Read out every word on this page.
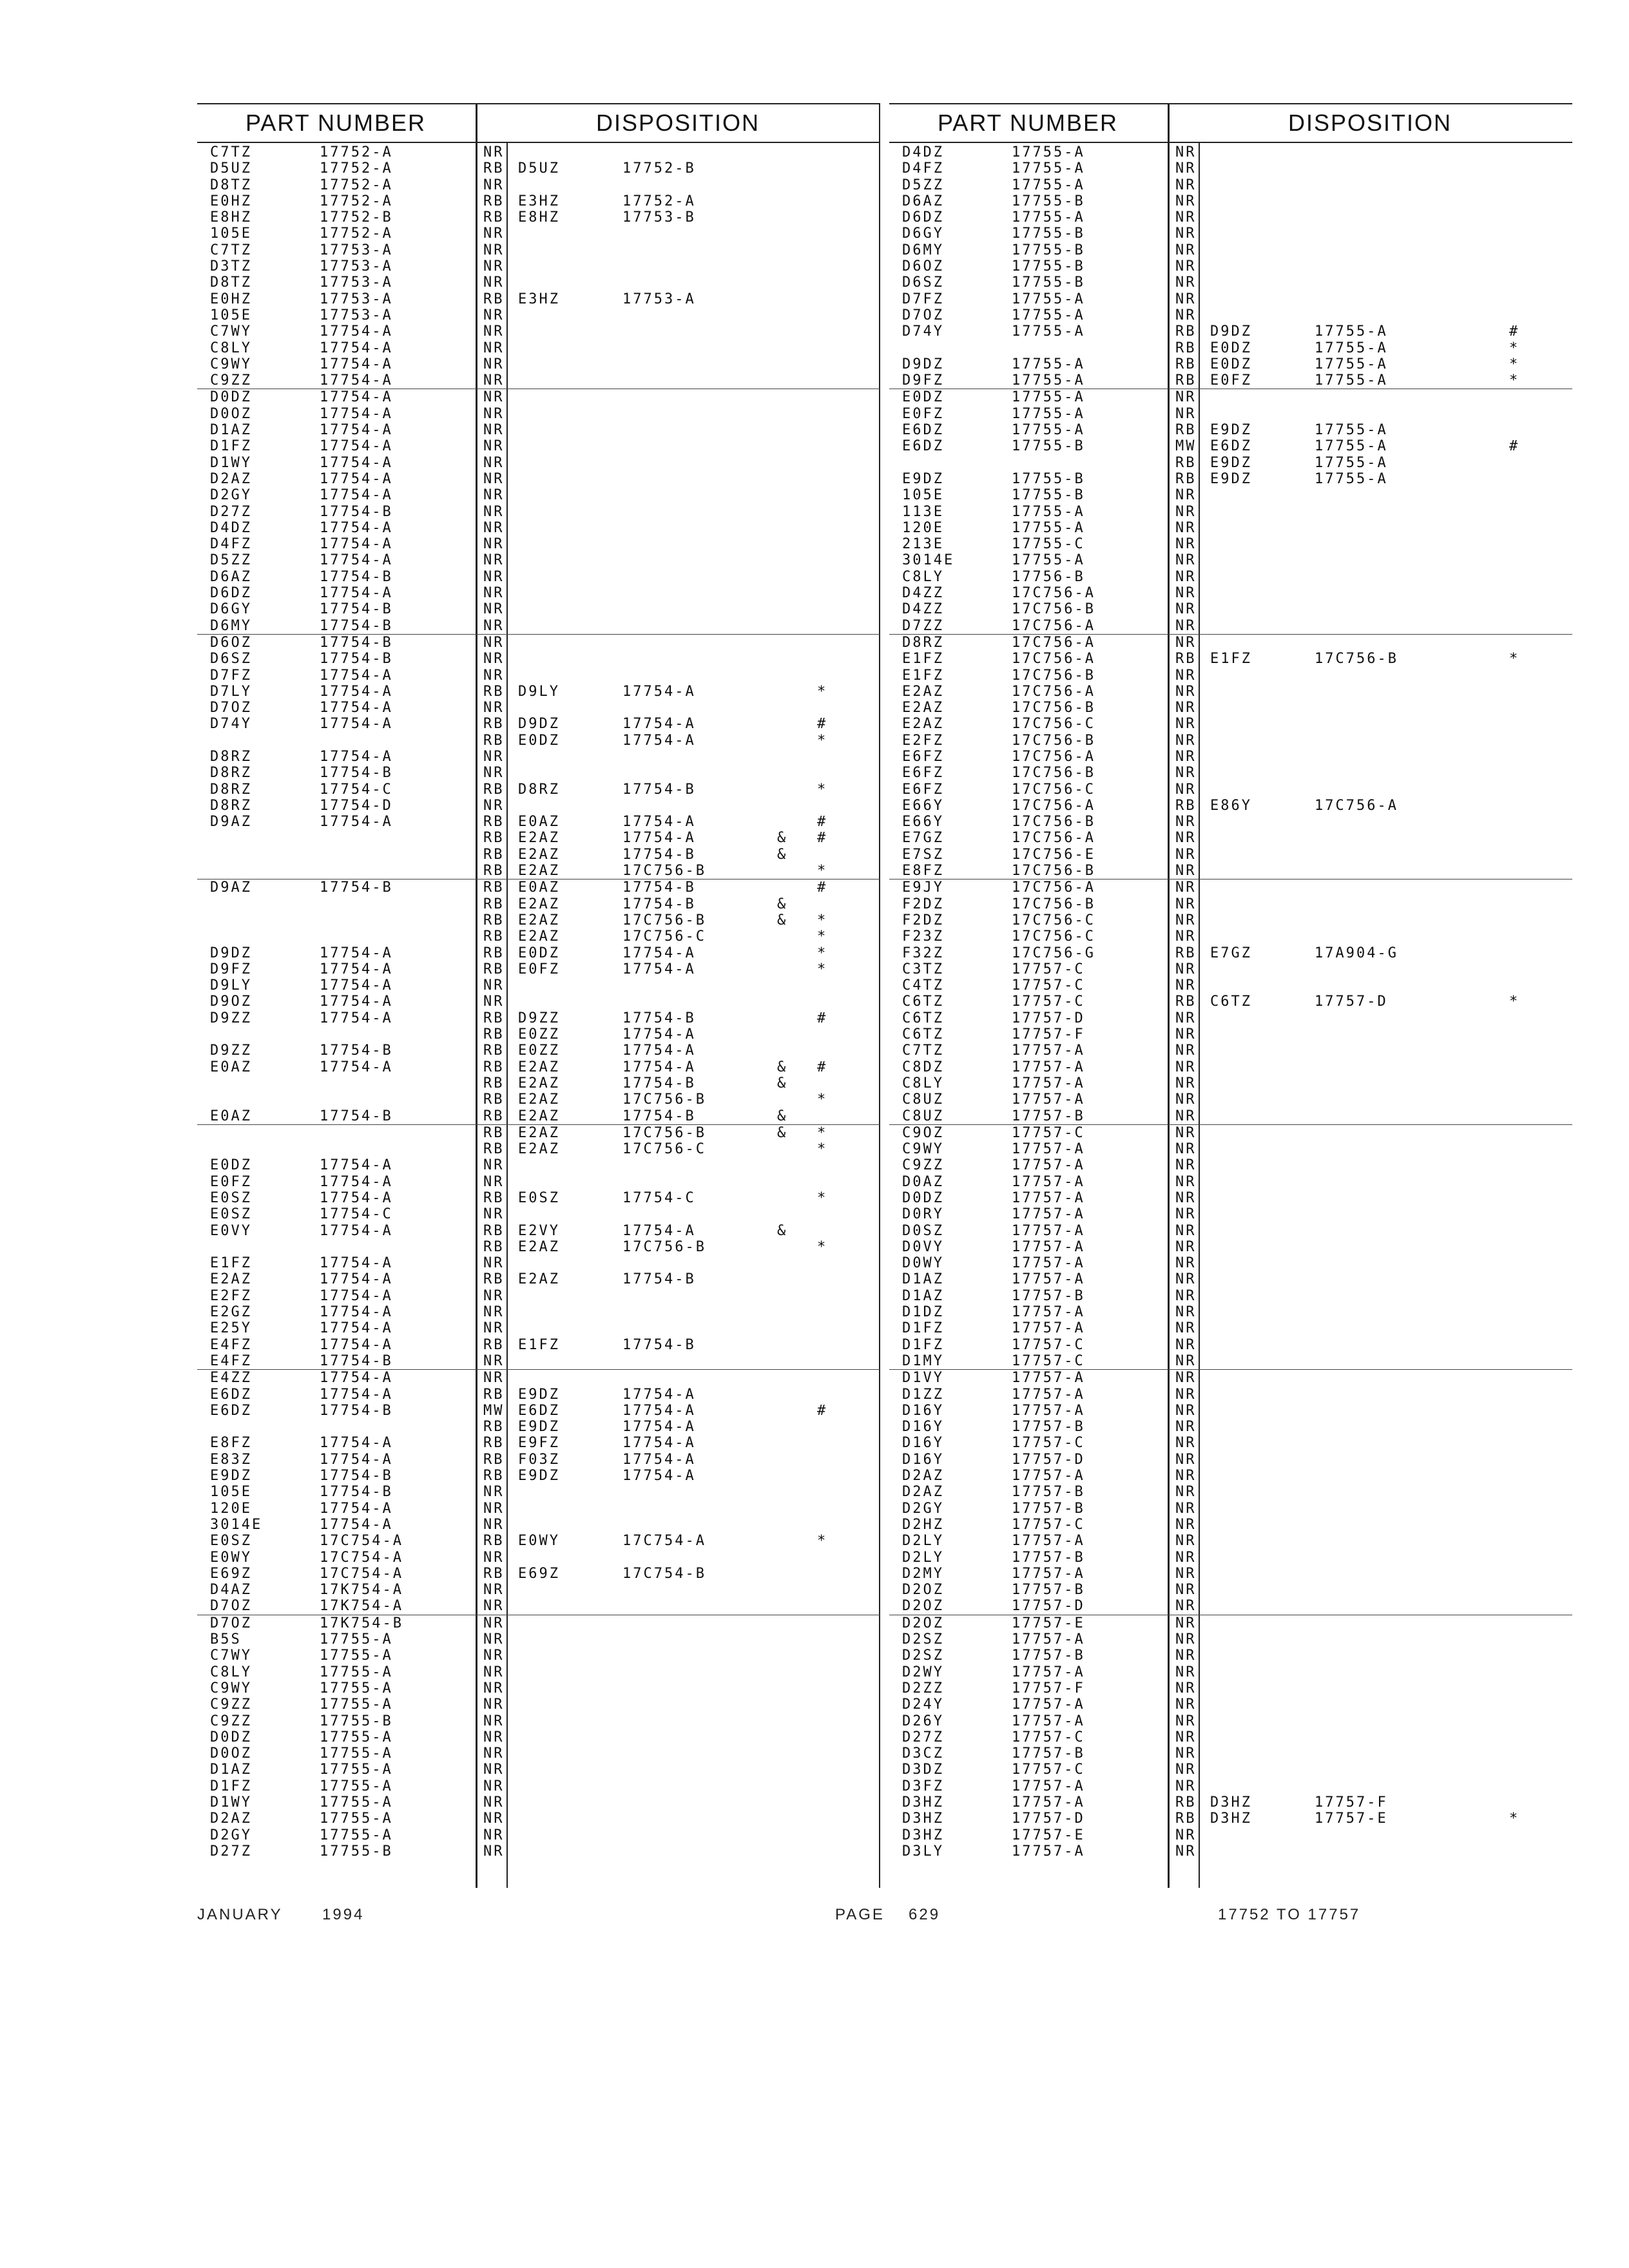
PART NUMBER	DISPOSITION
C7TZ	17752-A	NR
D5UZ	17752-A	RB D5UZ	17752-B
D8TZ	17752-A	NR
E0HZ	17752-A	RB E3HZ	17752-A
E8HZ	17752-B	RB E8HZ	17753-B
105E	17752-A	NR
C7TZ	17753-A	NR
D3TZ	17753-A	NR
D8TZ	17753-A	NR
E0HZ	17753-A	RB E3HZ	17753-A
105E	17753-A	NR
C7WY	17754-A	NR
C8LY	17754-A	NR
C9WY	17754-A	NR
C9ZZ	17754-A	NR
D0DZ	17754-A	NR
D0OZ	17754-A	NR
D1AZ	17754-A	NR
D1FZ	17754-A	NR
D1WY	17754-A	NR
D2AZ	17754-A	NR
D2GY	17754-A	NR
D27Z	17754-B	NR
D4DZ	17754-A	NR
D4FZ	17754-A	NR
D5ZZ	17754-A	NR
D6AZ	17754-B	NR
D6DZ	17754-A	NR
D6GY	17754-B	NR
D6MY	17754-B	NR
D6OZ	17754-B	NR
D6SZ	17754-B	NR
D7FZ	17754-A	NR
D7LY	17754-A	RB D9LY	17754-A	*
D7OZ	17754-A	NR
D74Y	17754-A	RB D9DZ	17754-A	#
RB E0DZ	17754-A	*
D8RZ	17754-A	NR
D8RZ	17754-B	NR
D8RZ	17754-C	RB D8RZ	17754-B	*
D8RZ	17754-D	NR
D9AZ	17754-A	RB E0AZ	17754-A	#
RB E2AZ	17754-A	& #
RB E2AZ	17754-B	&
RB E2AZ	17C756-B	*
D9AZ	17754-B	RB E0AZ	17754-B	#
RB E2AZ	17754-B	&
RB E2AZ	17C756-B	& *
RB E2AZ	17C756-C	*
D9DZ	17754-A	RB E0DZ	17754-A	*
D9FZ	17754-A	RB E0FZ	17754-A	*
D9LY	17754-A	NR
D9OZ	17754-A	NR
D9ZZ	17754-A	RB D9ZZ	17754-B	#
RB E0ZZ	17754-A
D9ZZ	17754-B	RB E0ZZ	17754-A
E0AZ	17754-A	RB E2AZ	17754-A	& #
RB E2AZ	17754-B	&
RB E2AZ	17C756-B	*
E0AZ	17754-B	RB E2AZ	17754-B	&
RB E2AZ	17C756-B	& *
RB E2AZ	17C756-C	*
E0DZ	17754-A	NR
E0FZ	17754-A	NR
E0SZ	17754-A	RB E0SZ	17754-C	*
E0SZ	17754-C	NR
E0VY	17754-A	RB E2VY	17754-A	&
RB E2AZ	17C756-B	*
E1FZ	17754-A	NR
E2AZ	17754-A	RB E2AZ	17754-B
E2FZ	17754-A	NR
E2GZ	17754-A	NR
E25Y	17754-A	NR
E4FZ	17754-A	RB E1FZ	17754-B
E4FZ	17754-B	NR
E4ZZ	17754-A	NR
E6DZ	17754-A	RB E9DZ	17754-A
E6DZ	17754-B	MW E6DZ	17754-A	#
RB E9DZ	17754-A
E8FZ	17754-A	RB E9FZ	17754-A
E83Z	17754-A	RB F03Z	17754-A
E9DZ	17754-B	RB E9DZ	17754-A
105E	17754-B	NR
120E	17754-A	NR
3014E	17754-A	NR
E0SZ	17C754-A	RB E0WY	17C754-A	*
E0WY	17C754-A	NR
E69Z	17C754-A	RB E69Z	17C754-B
D4AZ	17K754-A	NR
D7OZ	17K754-A	NR
D7OZ	17K754-B	NR
B5S	17755-A	NR
C7WY	17755-A	NR
C8LY	17755-A	NR
C9WY	17755-A	NR
C9ZZ	17755-A	NR
C9ZZ	17755-B	NR
D0DZ	17755-A	NR
D0OZ	17755-A	NR
D1AZ	17755-A	NR
D1FZ	17755-A	NR
D1WY	17755-A	NR
D2AZ	17755-A	NR
D2GY	17755-A	NR
D27Z	17755-B	NR
PART NUMBER	DISPOSITION
D4DZ	17755-A	NR
D4FZ	17755-A	NR
D5ZZ	17755-A	NR
D6AZ	17755-B	NR
D6DZ	17755-A	NR
D6GY	17755-B	NR
D6MY	17755-B	NR
D6OZ	17755-B	NR
D6SZ	17755-B	NR
D7FZ	17755-A	NR
D7OZ	17755-A	NR
D74Y	17755-A	RB D9DZ	17755-A	#
RB E0DZ	17755-A	*
D9DZ	17755-A	RB E0DZ	17755-A	*
D9FZ	17755-A	RB E0FZ	17755-A	*
E0DZ	17755-A	NR
E0FZ	17755-A	NR
E6DZ	17755-A	RB E9DZ	17755-A
E6DZ	17755-B	MW E6DZ	17755-A	#
RB E9DZ	17755-A
E9DZ	17755-B	RB E9DZ	17755-A
105E	17755-B	NR
113E	17755-A	NR
120E	17755-A	NR
213E	17755-C	NR
3014E	17755-A	NR
C8LY	17756-B	NR
D4ZZ	17C756-A	NR
D4ZZ	17C756-B	NR
D7ZZ	17C756-A	NR
D8RZ	17C756-A	NR
E1FZ	17C756-A	RB E1FZ	17C756-B	*
E1FZ	17C756-B	NR
E2AZ	17C756-A	NR
E2AZ	17C756-B	NR
E2AZ	17C756-C	NR
E2FZ	17C756-B	NR
E6FZ	17C756-A	NR
E6FZ	17C756-B	NR
E6FZ	17C756-C	NR
E66Y	17C756-A	RB E86Y	17C756-A
E66Y	17C756-B	NR
E7GZ	17C756-A	NR
E7SZ	17C756-E	NR
E8FZ	17C756-B	NR
E9JY	17C756-A	NR
F2DZ	17C756-B	NR
F2DZ	17C756-C	NR
F23Z	17C756-C	NR
F32Z	17C756-G	RB E7GZ	17A904-G
C3TZ	17757-C	NR
C4TZ	17757-C	NR
C6TZ	17757-C	RB C6TZ	17757-D	*
C6TZ	17757-D	NR
C6TZ	17757-F	NR
C7TZ	17757-A	NR
C8DZ	17757-A	NR
C8LY	17757-A	NR
C8UZ	17757-A	NR
C8UZ	17757-B	NR
C9OZ	17757-C	NR
C9WY	17757-A	NR
C9ZZ	17757-A	NR
D0AZ	17757-A	NR
D0DZ	17757-A	NR
D0RY	17757-A	NR
D0SZ	17757-A	NR
D0VY	17757-A	NR
D0WY	17757-A	NR
D1AZ	17757-A	NR
D1AZ	17757-B	NR
D1DZ	17757-A	NR
D1FZ	17757-A	NR
D1FZ	17757-C	NR
D1MY	17757-C	NR
D1VY	17757-A	NR
D1ZZ	17757-A	NR
D16Y	17757-A	NR
D16Y	17757-B	NR
D16Y	17757-C	NR
D16Y	17757-D	NR
D2AZ	17757-A	NR
D2AZ	17757-B	NR
D2GY	17757-B	NR
D2HZ	17757-C	NR
D2LY	17757-A	NR
D2LY	17757-B	NR
D2MY	17757-A	NR
D2OZ	17757-B	NR
D2OZ	17757-D	NR
D2OZ	17757-E	NR
D2SZ	17757-A	NR
D2SZ	17757-B	NR
D2WY	17757-A	NR
D2ZZ	17757-F	NR
D24Y	17757-A	NR
D26Y	17757-A	NR
D27Z	17757-C	NR
D3CZ	17757-B	NR
D3DZ	17757-C	NR
D3FZ	17757-A	NR
D3HZ	17757-A	RB D3HZ	17757-F
D3HZ	17757-D	RB D3HZ	17757-E	*
D3HZ	17757-E	NR
D3LY	17757-A	NR
JANUARY	1994	PAGE 629	17752 TO 17757
